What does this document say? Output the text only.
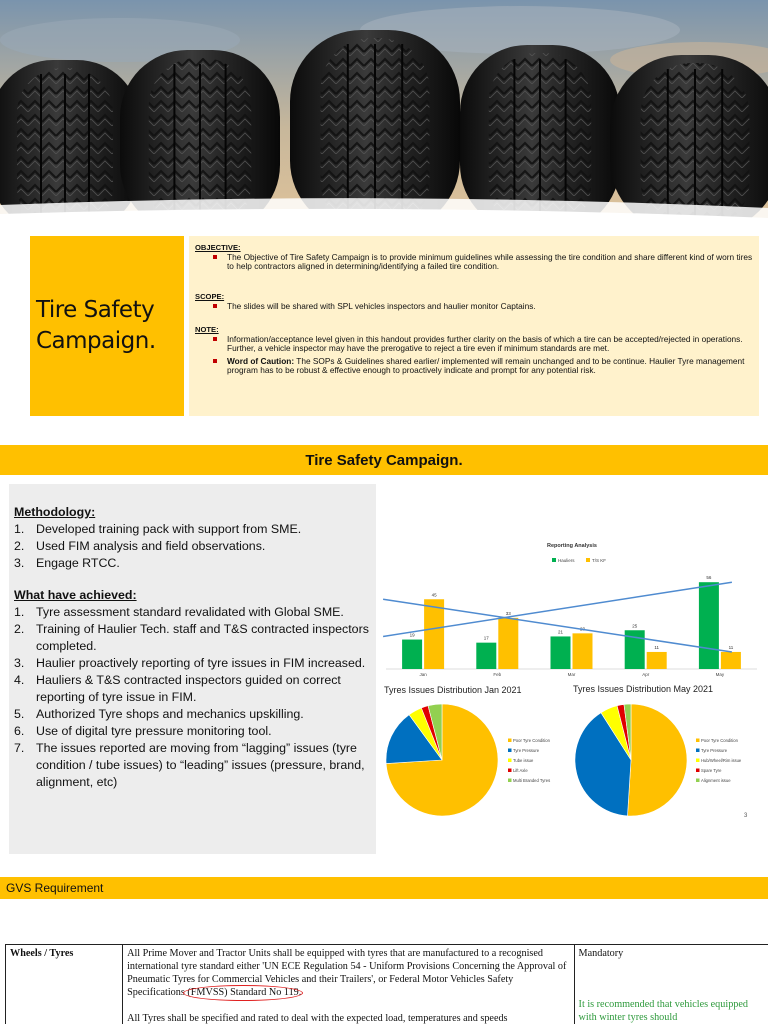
Tire Safety Campaign.
OBJECTIVE:
The Objective of Tire Safety Campaign is to provide minimum guidelines while assessing the tire condition and share different kind of worn tires to help contractors aligned in determining/identifying a failed tire condition.
SCOPE:
The slides will be shared with SPL vehicles inspectors and haulier monitor Captains.
NOTE:
Information/acceptance level given in this handout provides further clarity on the basis of which a tire can be accepted/rejected in operations. Further, a vehicle inspector may have the prerogative to reject a tire even if minimum standards are met.
Word of Caution: The SOPs & Guidelines shared earlier/ implemented will remain unchanged and to be continue. Haulier Tyre management program has to be robust & effective enough to proactively indicate and prompt for any potential risk.
Tire Safety Campaign.
Methodology:
1. Developed training pack with support from SME.
2. Used FIM analysis and field observations.
3. Engage RTCC.
What have achieved:
1. Tyre assessment standard revalidated with Global SME.
2. Training of Haulier Tech. staff and T&S contracted inspectors completed.
3. Haulier proactively reporting of tyre issues in FIM increased.
4. Hauliers & T&S contracted inspectors guided on correct reporting of tyre issue in FIM.
5. Authorized Tyre shops and mechanics upskilling.
6. Use of digital tyre pressure monitoring tool.
7. The issues reported are moving from “lagging” issues (tyre condition / tube issues) to “leading” issues (pressure, brand, alignment, etc)
Reporting Analysis
Hauliers	T/S KF
19
45
Jan
17
33
Feb
21
Mar
25
11
Apr
56
11
May
Tyres Issues Distribution Jan 2021
Poor Tyre Condition
Tyre Pressure
Tube issue
Lift Axle
Multi Branded Tyres
Tyres Issues Distribution May 2021
Poor Tyre Condition
Tyre Pressure
Hub/Wheel/Rim issue
Spare Tyre
Alignment issue
3
GVS Requirement
Wheels / Tyres	All Prime Mover and Tractor Units shall be equipped with tyres that are manufactured to a recognised international tyre standard either 'UN ECE Regulation 54 - Uniform Provisions Concerning the Approval of Pneumatic Tyres for Commercial Vehicles and their Trailers', or Federal Motor Vehicles Safety Specifications (FMVSS) Standard No 119.

All Tyres shall be specified and rated to deal with the expected load, temperatures and speeds	Mandatory
It is recommended that vehicles equipped with winter tyres should
